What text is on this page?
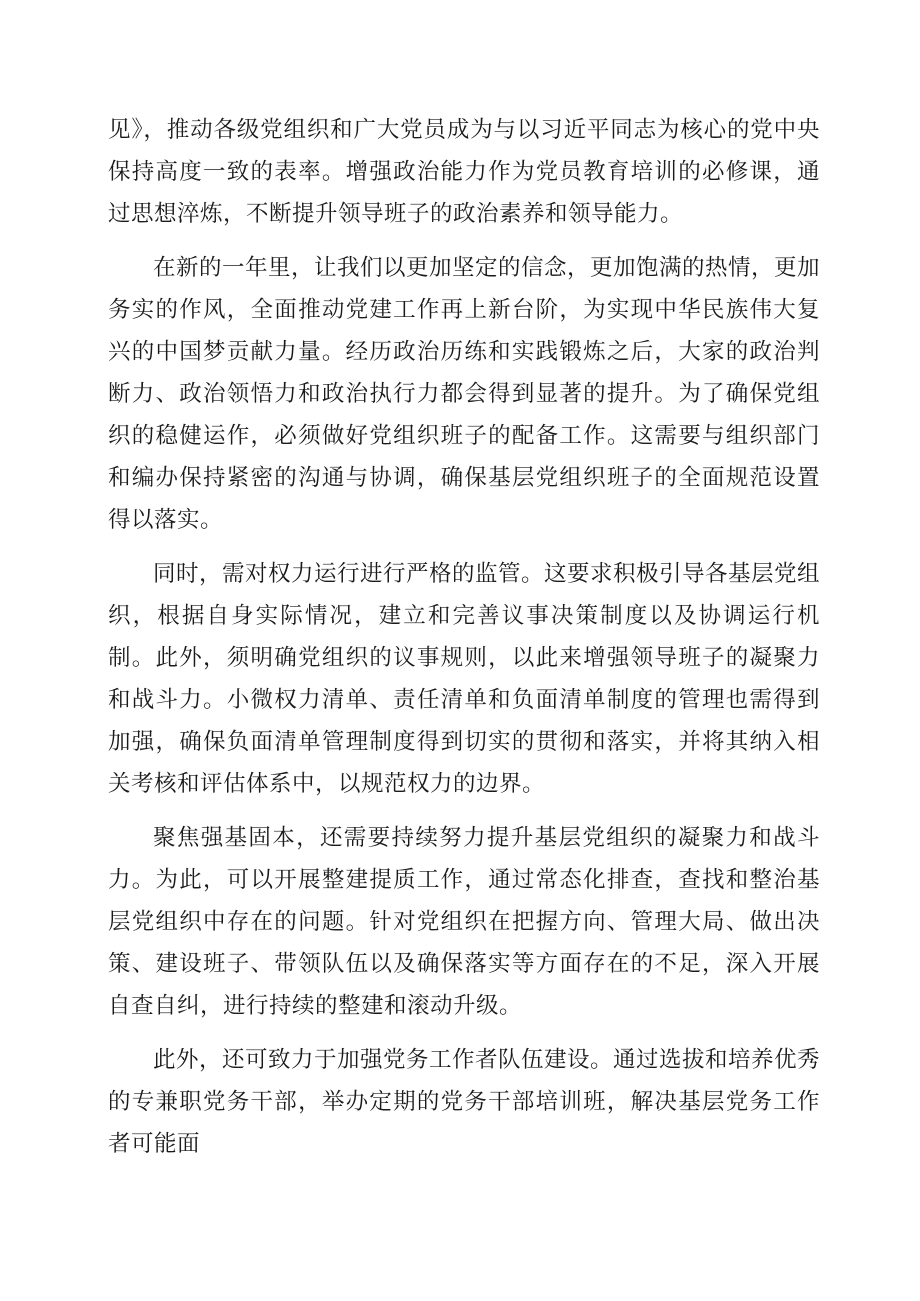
见》，推动各级党组织和广大党员成为与以习近平同志为核心的党中央保持高度一致的表率。增强政治能力作为党员教育培训的必修课，通过思想淬炼，不断提升领导班子的政治素养和领导能力。

在新的一年里，让我们以更加坚定的信念，更加饱满的热情，更加务实的作风，全面推动党建工作再上新台阶，为实现中华民族伟大复兴的中国梦贡献力量。经历政治历练和实践锻炼之后，大家的政治判断力、政治领悟力和政治执行力都会得到显著的提升。为了确保党组织的稳健运作，必须做好党组织班子的配备工作。这需要与组织部门和编办保持紧密的沟通与协调，确保基层党组织班子的全面规范设置得以落实。

同时，需对权力运行进行严格的监管。这要求积极引导各基层党组织，根据自身实际情况，建立和完善议事决策制度以及协调运行机制。此外，须明确党组织的议事规则，以此来增强领导班子的凝聚力和战斗力。小微权力清单、责任清单和负面清单制度的管理也需得到加强，确保负面清单管理制度得到切实的贯彻和落实，并将其纳入相关考核和评估体系中，以规范权力的边界。

聚焦强基固本，还需要持续努力提升基层党组织的凝聚力和战斗力。为此，可以开展整建提质工作，通过常态化排查，查找和整治基层党组织中存在的问题。针对党组织在把握方向、管理大局、做出决策、建设班子、带领队伍以及确保落实等方面存在的不足，深入开展自查自纠，进行持续的整建和滚动升级。

此外，还可致力于加强党务工作者队伍建设。通过选拔和培养优秀的专兼职党务干部，举办定期的党务干部培训班，解决基层党务工作者可能面
